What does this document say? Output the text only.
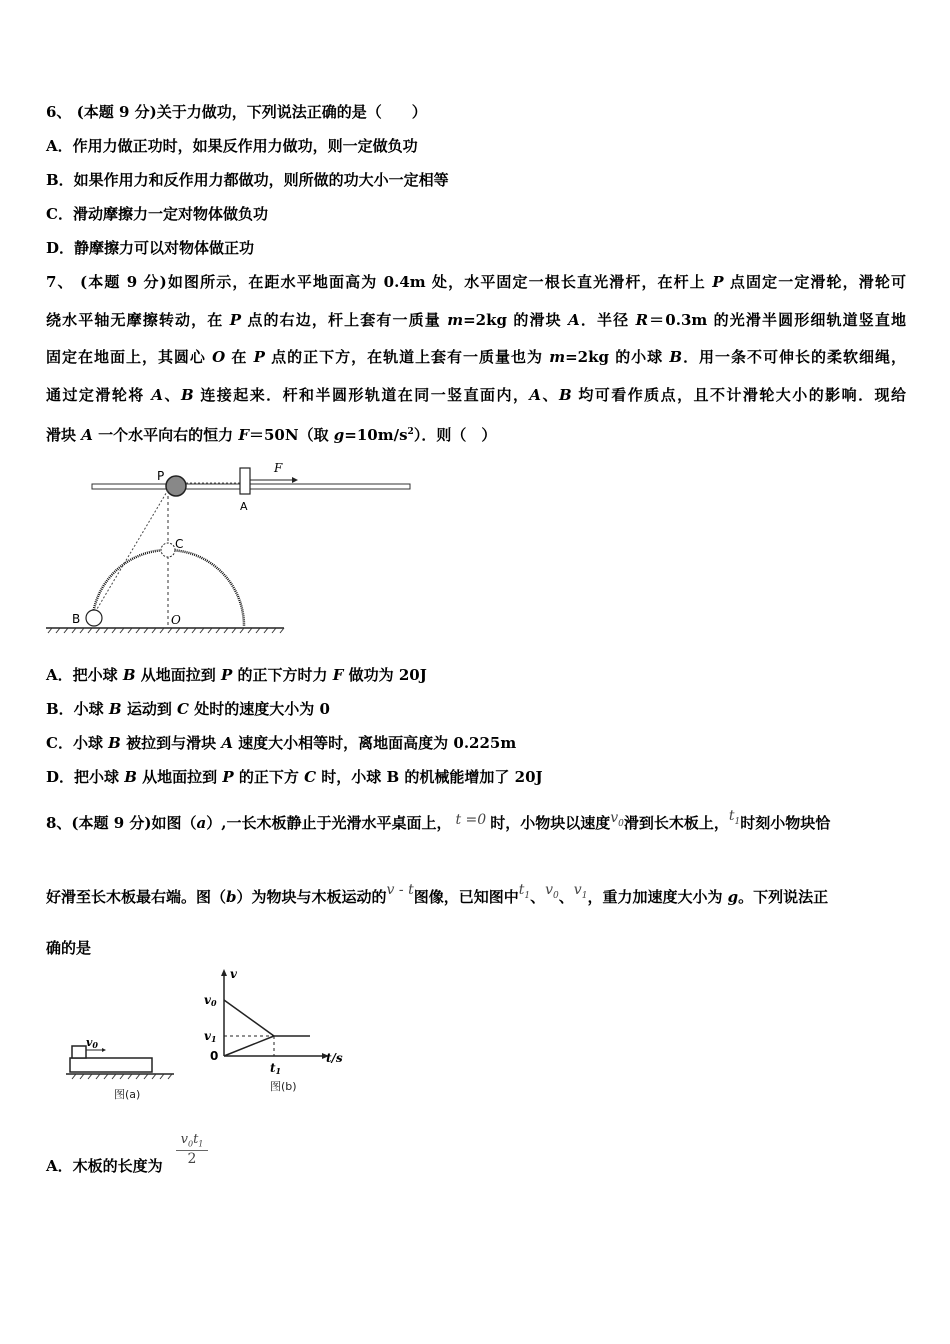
6、 (本题 9 分)关于力做功，下列说法正确的是（　　）
A．作用力做正功时，如果反作用力做功，则一定做负功
B．如果作用力和反作用力都做功，则所做的功大小一定相等
C．滑动摩擦力一定对物体做负功
D．静摩擦力可以对物体做正功
7、 (本题 9 分)如图所示，在距水平地面高为 0.4m 处，水平固定一根长直光滑杆，在杆上 P 点固定一定滑轮，滑轮可
绕水平轴无摩擦转动，在 P 点的右边，杆上套有一质量 m=2kg 的滑块 A．半径 R＝0.3m 的光滑半圆形细轨道竖直地
固定在地面上，其圆心 O 在 P 点的正下方，在轨道上套有一质量也为 m=2kg 的小球 B．用一条不可伸长的柔软细绳，
通过定滑轮将 A、B 连接起来．杆和半圆形轨道在同一竖直面内，A、B 均可看作质点，且不计滑轮大小的影响．现给
滑块 A 一个水平向右的恒力 F＝50N（取 $g=10m/s^2$）．则（　）
P
A
F
C
B	O
A．把小球 B 从地面拉到 P 的正下方时力 F 做功为 20J
B．小球 B 运动到 C 处时的速度大小为 0
C．小球 B 被拉到与滑块 A 速度大小相等时，离地面高度为 0.225m
D．把小球 B 从地面拉到 P 的正下方 C 时，小球 B 的机械能增加了 20J
8、(本题 9 分)如图（a）,一长木板静止于光滑水平桌面上， t =0 时，小物块以速度$v_0$滑到长木板上，$t_1$时刻小物块恰
好滑至长木板最右端。图（b）为物块与木板运动的v - t图像，已知图中$t_1$、$v_0$、$v_1$，重力加速度大小为 g。下列说法正
确的是
v0
图(a)
v
v0
v1
0
t1
t/s
图(b)
A．木板的长度为 $\frac{v_0t_1}{2}$
